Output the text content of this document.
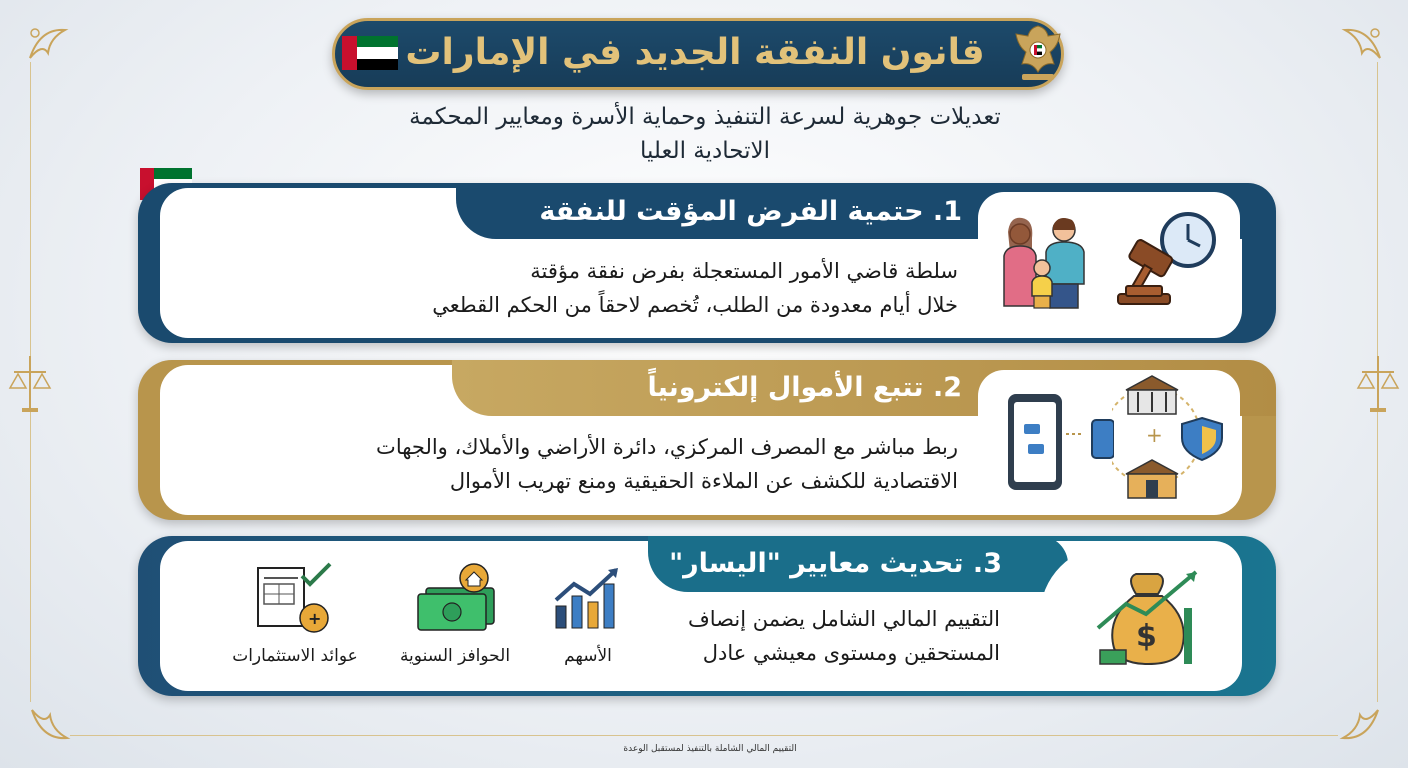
قانون النفقة الجديد في الإمارات
تعديلات جوهرية لسرعة التنفيذ وحماية الأسرة ومعايير المحكمة الاتحادية العليا
1. حتمية الفرض المؤقت للنفقة
سلطة قاضي الأمور المستعجلة بفرض نفقة مؤقتة
خلال أيام معدودة من الطلب، تُخصم لاحقاً من الحكم القطعي
2. تتبع الأموال إلكترونياً
ربط مباشر مع المصرف المركزي، دائرة الأراضي والأملاك، والجهات
الاقتصادية للكشف عن الملاءة الحقيقية ومنع تهريب الأموال
+
3. تحديث معايير "اليسار"
التقييم المالي الشامل يضمن إنصاف
المستحقين ومستوى معيشي عادل	$
الأسهم
الحوافز السنوية
+
عوائد الاستثمارات
التقييم المالي الشاملة بالتنفيذ لمستقبل الوعدة
